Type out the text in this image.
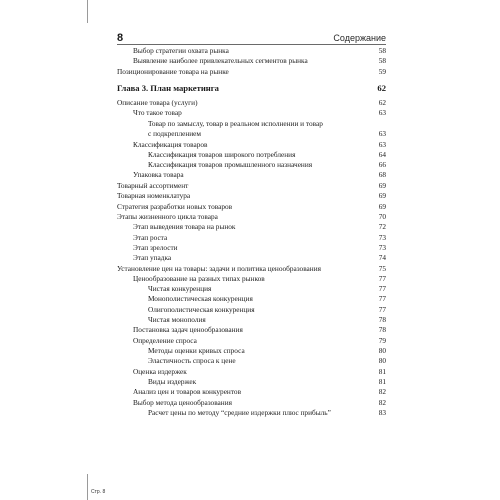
8	Содержание
Выбор стратегии охвата рынка	58
Выявление наиболее привлекательных сегментов рынка	58
Позиционирование товара на рынке	59
Глава 3. План маркетинга	62
Описание товара (услуги)	62
Что такое товар	63
Товар по замыслу, товар в реальном исполнении и товар
с подкреплением	63
Классификация товаров	63
Классификация товаров широкого потребления	64
Классификация товаров промышленного назначения	66
Упаковка товара	68
Товарный ассортимент	69
Товарная номенклатура	69
Стратегия разработки новых товаров	69
Этапы жизненного цикла товара	70
Этап выведения товара на рынок	72
Этап роста	73
Этап зрелости	73
Этап упадка	74
Установление цен на товары: задачи и политика ценообразования	75
Ценообразование на разных типах рынков	77
Чистая конкуренция	77
Монополистическая конкуренция	77
Олигополистическая конкуренция	77
Чистая монополия	78
Постановка задач ценообразования	78
Определение спроса	79
Методы оценки кривых спроса	80
Эластичность спроса к цене	80
Оценка издержек	81
Виды издержек	81
Анализ цен и товаров конкурентов	82
Выбор метода ценообразования	82
Расчет цены по методу “средние издержки плюс прибыль”	83
Стр. 8
